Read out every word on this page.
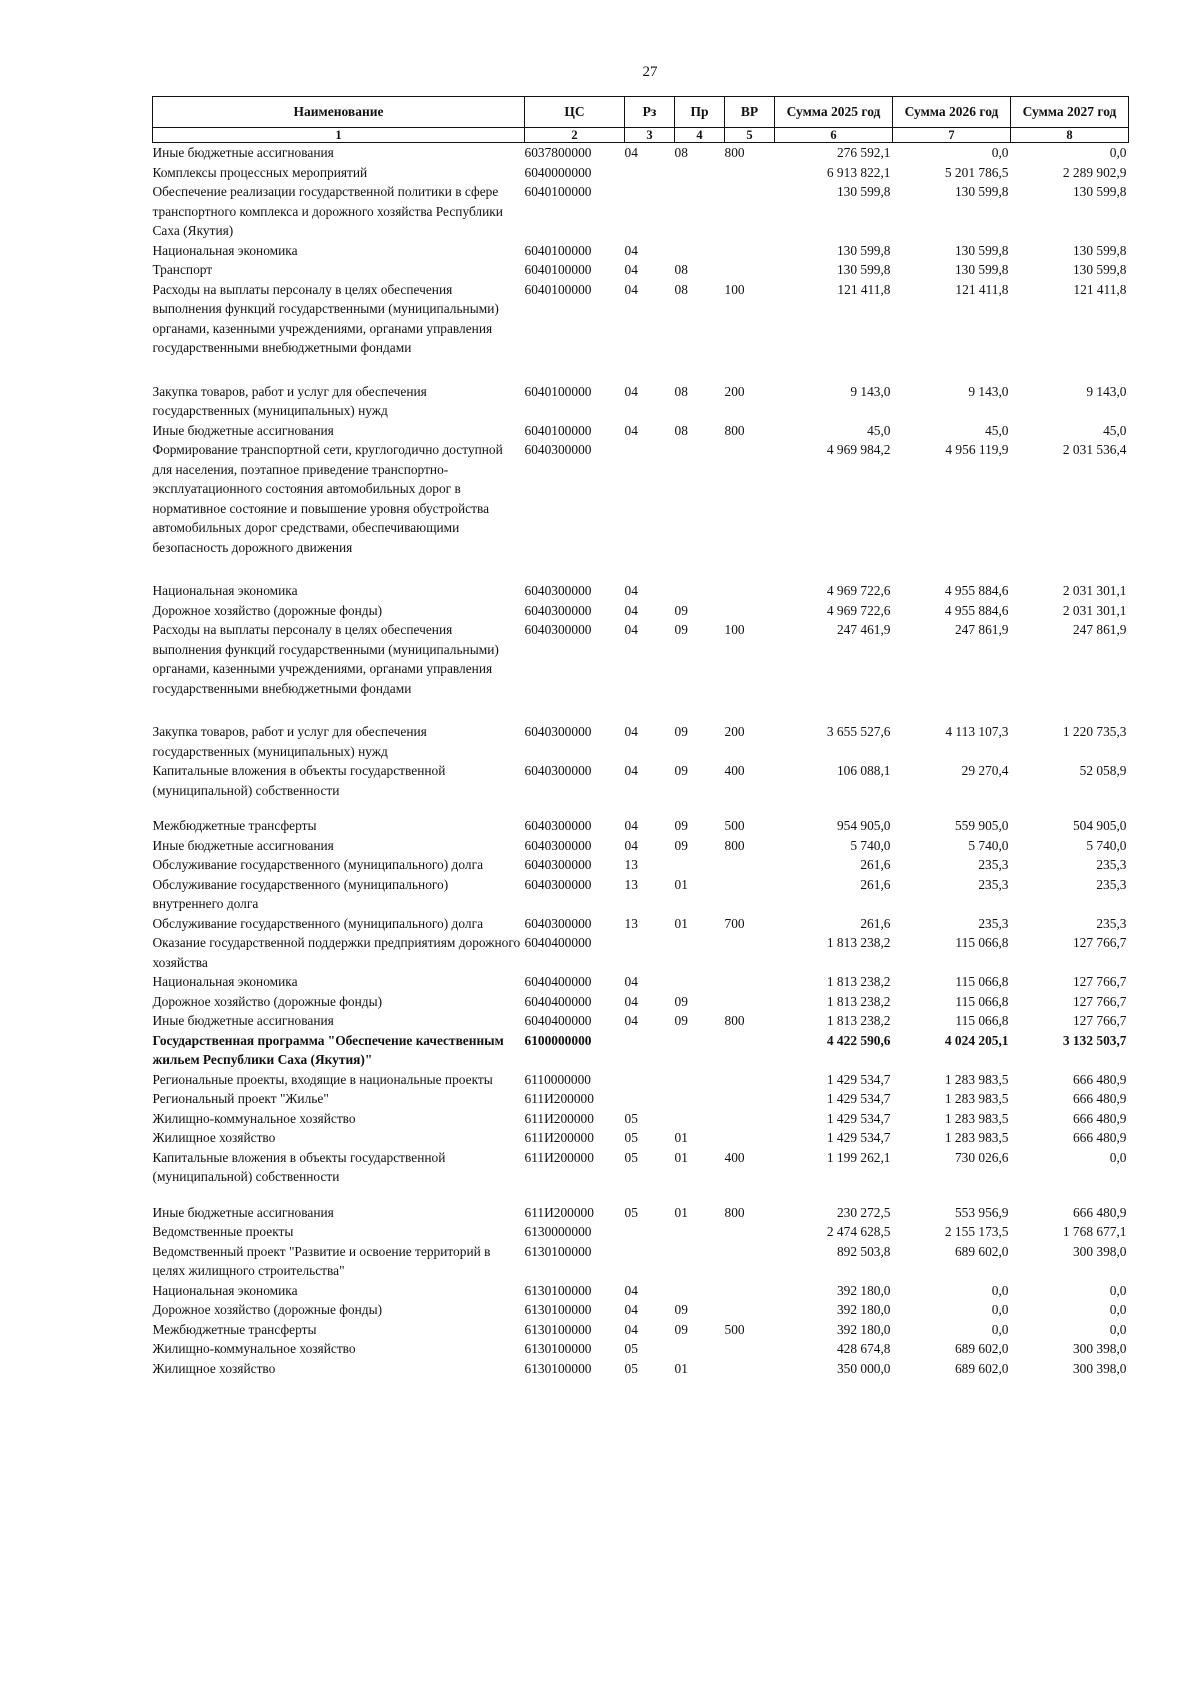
27
Наименование	ЦС	Рз	Пр	ВР	Сумма 2025 год	Сумма 2026 год	Сумма 2027 год
1	2	3	4	5	6	7	8
Иные бюджетные ассигнования	6037800000	04	08	800	276 592,1	0,0	0,0
Комплексы процессных мероприятий	6040000000				6 913 822,1	5 201 786,5	2 289 902,9
Обеспечение реализации государственной политики в сфере транспортного комплекса и дорожного хозяйства Республики Саха (Якутия)	6040100000				130 599,8	130 599,8	130 599,8
Национальная экономика	6040100000	04			130 599,8	130 599,8	130 599,8
Транспорт	6040100000	04	08		130 599,8	130 599,8	130 599,8
Расходы на выплаты персоналу в целях обеспечения выполнения функций государственными (муниципальными) органами, казенными учреждениями, органами управления государственными внебюджетными фондами	6040100000	04	08	100	121 411,8	121 411,8	121 411,8
Закупка товаров, работ и услуг для обеспечения государственных (муниципальных) нужд	6040100000	04	08	200	9 143,0	9 143,0	9 143,0
Иные бюджетные ассигнования	6040100000	04	08	800	45,0	45,0	45,0
Формирование транспортной сети, круглогодично доступной для населения, поэтапное приведение транспортно-эксплуатационного состояния автомобильных дорог в нормативное состояние и повышение уровня обустройства автомобильных дорог средствами, обеспечивающими безопасность дорожного движения	6040300000				4 969 984,2	4 956 119,9	2 031 536,4
Национальная экономика	6040300000	04			4 969 722,6	4 955 884,6	2 031 301,1
Дорожное хозяйство (дорожные фонды)	6040300000	04	09		4 969 722,6	4 955 884,6	2 031 301,1
Расходы на выплаты персоналу в целях обеспечения выполнения функций государственными (муниципальными) органами, казенными учреждениями, органами управления государственными внебюджетными фондами	6040300000	04	09	100	247 461,9	247 861,9	247 861,9
Закупка товаров, работ и услуг для обеспечения государственных (муниципальных) нужд	6040300000	04	09	200	3 655 527,6	4 113 107,3	1 220 735,3
Капитальные вложения в объекты государственной (муниципальной) собственности	6040300000	04	09	400	106 088,1	29 270,4	52 058,9
Межбюджетные трансферты	6040300000	04	09	500	954 905,0	559 905,0	504 905,0
Иные бюджетные ассигнования	6040300000	04	09	800	5 740,0	5 740,0	5 740,0
Обслуживание государственного (муниципального) долга	6040300000	13			261,6	235,3	235,3
Обслуживание государственного (муниципального) внутреннего долга	6040300000	13	01		261,6	235,3	235,3
Обслуживание государственного (муниципального) долга	6040300000	13	01	700	261,6	235,3	235,3
Оказание государственной поддержки предприятиям дорожного хозяйства	6040400000				1 813 238,2	115 066,8	127 766,7
Национальная экономика	6040400000	04			1 813 238,2	115 066,8	127 766,7
Дорожное хозяйство (дорожные фонды)	6040400000	04	09		1 813 238,2	115 066,8	127 766,7
Иные бюджетные ассигнования	6040400000	04	09	800	1 813 238,2	115 066,8	127 766,7
Государственная программа "Обеспечение качественным жильем Республики Саха (Якутия)"	6100000000				4 422 590,6	4 024 205,1	3 132 503,7
Региональные проекты, входящие в национальные проекты	6110000000				1 429 534,7	1 283 983,5	666 480,9
Региональный проект "Жилье"	611И200000				1 429 534,7	1 283 983,5	666 480,9
Жилищно-коммунальное хозяйство	611И200000	05			1 429 534,7	1 283 983,5	666 480,9
Жилищное хозяйство	611И200000	05	01		1 429 534,7	1 283 983,5	666 480,9
Капитальные вложения в объекты государственной (муниципальной) собственности	611И200000	05	01	400	1 199 262,1	730 026,6	0,0
Иные бюджетные ассигнования	611И200000	05	01	800	230 272,5	553 956,9	666 480,9
Ведомственные проекты	6130000000				2 474 628,5	2 155 173,5	1 768 677,1
Ведомственный проект "Развитие и освоение территорий в целях жилищного строительства"	6130100000				892 503,8	689 602,0	300 398,0
Национальная экономика	6130100000	04			392 180,0	0,0	0,0
Дорожное хозяйство (дорожные фонды)	6130100000	04	09		392 180,0	0,0	0,0
Межбюджетные трансферты	6130100000	04	09	500	392 180,0	0,0	0,0
Жилищно-коммунальное хозяйство	6130100000	05			428 674,8	689 602,0	300 398,0
Жилищное хозяйство	6130100000	05	01		350 000,0	689 602,0	300 398,0
